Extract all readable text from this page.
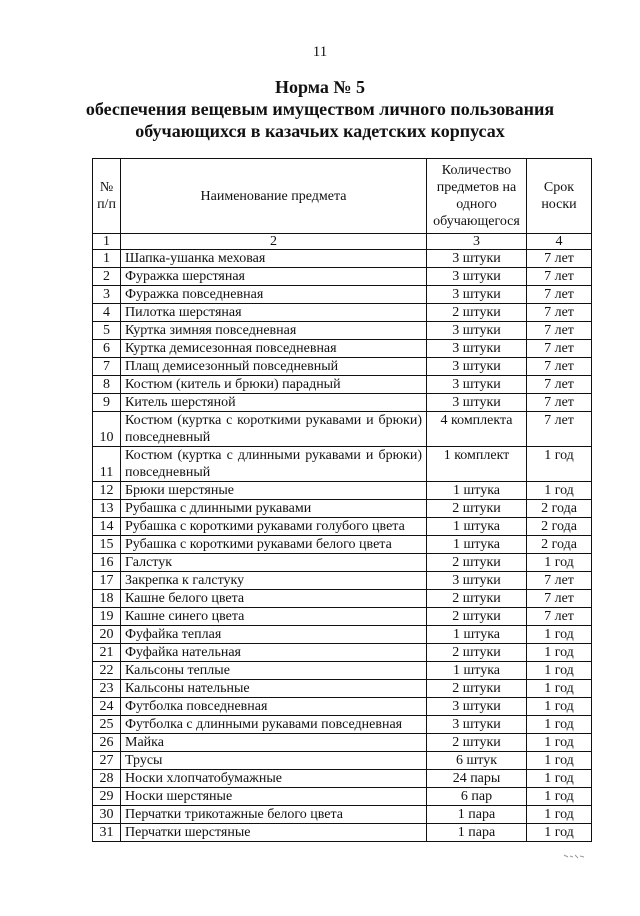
11
Норма № 5
обеспечения вещевым имуществом личного пользования
обучающихся в казачьих кадетских корпусах
№ п/п	Наименование предмета	Количество предметов на одного обучающегося	Срок носки
1	2	3	4
1	Шапка-ушанка меховая	3 штуки	7 лет
2	Фуражка шерстяная	3 штуки	7 лет
3	Фуражка повседневная	3 штуки	7 лет
4	Пилотка шерстяная	2 штуки	7 лет
5	Куртка зимняя повседневная	3 штуки	7 лет
6	Куртка демисезонная повседневная	3 штуки	7 лет
7	Плащ демисезонный повседневный	3 штуки	7 лет
8	Костюм (китель и брюки) парадный	3 штуки	7 лет
9	Китель шерстяной	3 штуки	7 лет
10	Костюм (куртка с короткими рукавами и брюки) повседневный	4 комплекта	7 лет
11	Костюм (куртка с длинными рукавами и брюки) повседневный	1 комплект	1 год
12	Брюки шерстяные	1 штука	1 год
13	Рубашка с длинными рукавами	2 штуки	2 года
14	Рубашка с короткими рукавами голубого цвета	1 штука	2 года
15	Рубашка с короткими рукавами белого цвета	1 штука	2 года
16	Галстук	2 штуки	1 год
17	Закрепка к галстуку	3 штуки	7 лет
18	Кашне белого цвета	2 штуки	7 лет
19	Кашне синего цвета	2 штуки	7 лет
20	Фуфайка теплая	1 штука	1 год
21	Фуфайка нательная	2 штуки	1 год
22	Кальсоны теплые	1 штука	1 год
23	Кальсоны нательные	2 штуки	1 год
24	Футболка повседневная	3 штуки	1 год
25	Футболка с длинными рукавами повседневная	3 штуки	1 год
26	Майка	2 штуки	1 год
27	Трусы	6 штук	1 год
28	Носки хлопчатобумажные	24 пары	1 год
29	Носки шерстяные	6 пар	1 год
30	Перчатки трикотажные белого цвета	1 пара	1 год
31	Перчатки шерстяные	1 пара	1 год
